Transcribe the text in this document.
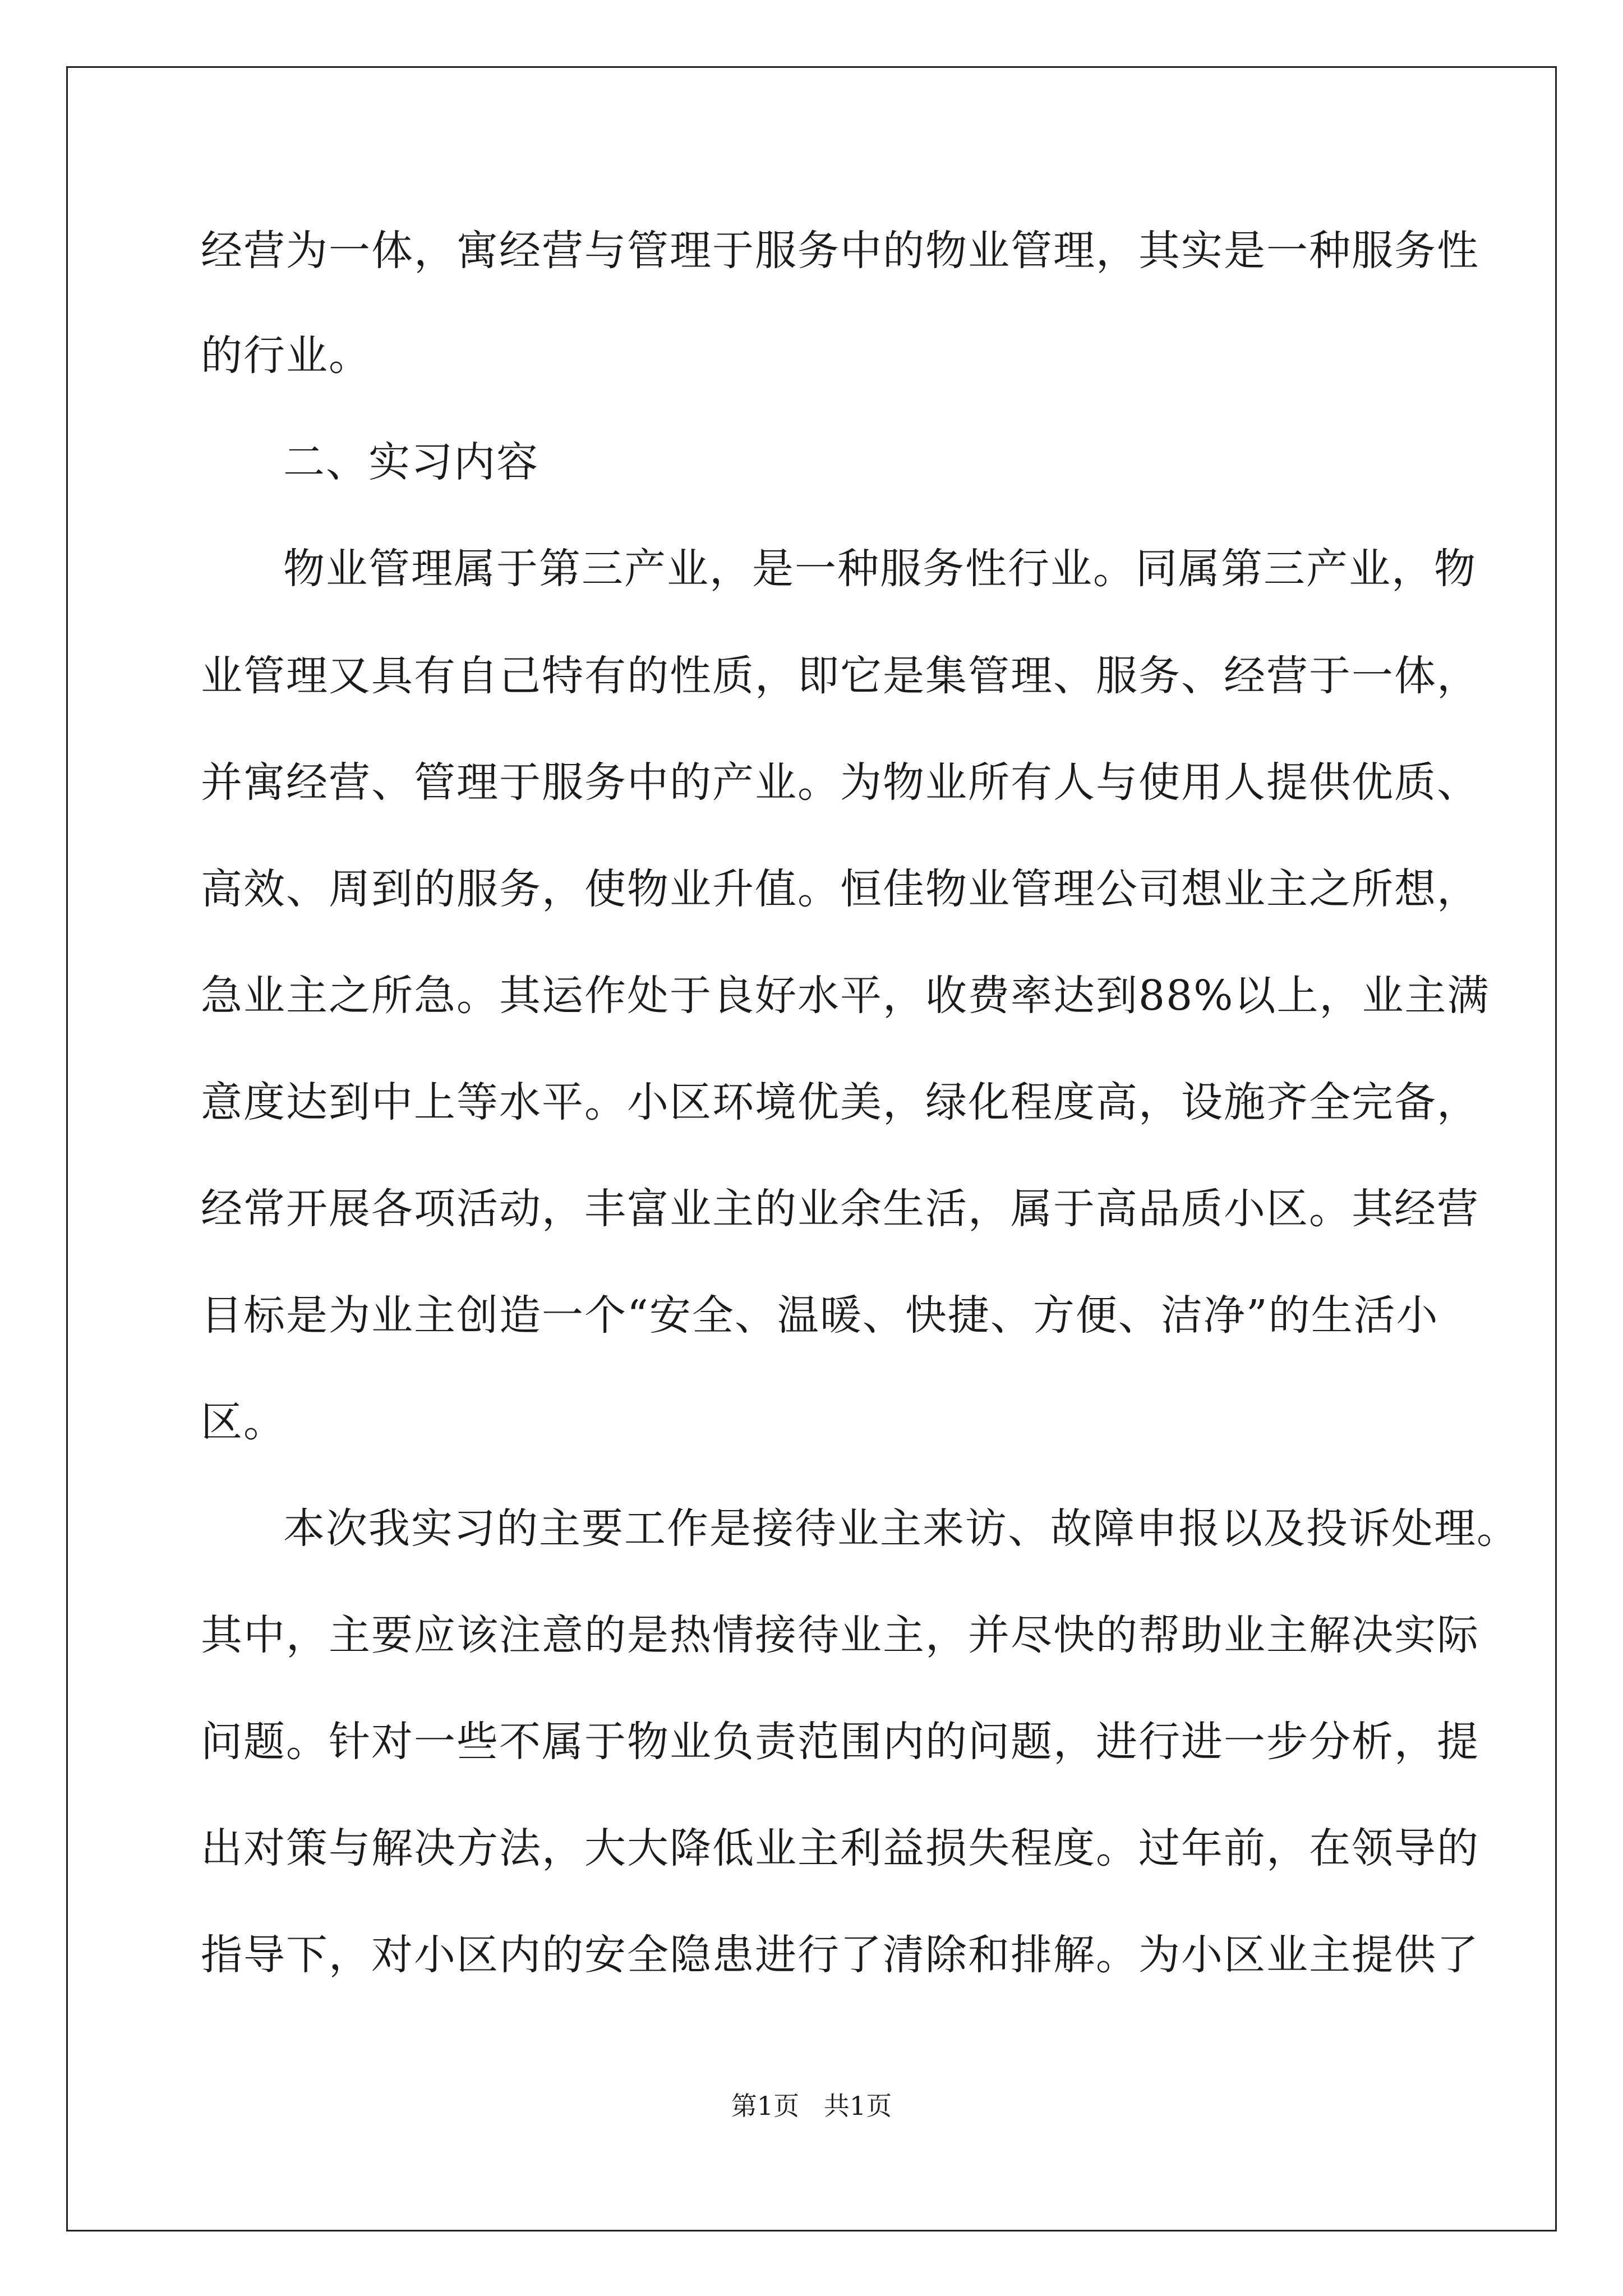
经营为一体，寓经营与管理于服务中的物业管理，其实是一种服务性
的行业。
二、实习内容
物业管理属于第三产业，是一种服务性行业。同属第三产业，物
业管理又具有自己特有的性质，即它是集管理、服务、经营于一体，
并寓经营、管理于服务中的产业。为物业所有人与使用人提供优质、
高效、周到的服务，使物业升值。恒佳物业管理公司想业主之所想，
急业主之所急。其运作处于良好水平，收费率达到88%以上，业主满
意度达到中上等水平。小区环境优美，绿化程度高，设施齐全完备，
经常开展各项活动，丰富业主的业余生活，属于高品质小区。其经营
目标是为业主创造一个“安全、温暖、快捷、方便、洁净”的生活小
区。
本次我实习的主要工作是接待业主来访、故障申报以及投诉处理。
其中，主要应该注意的是热情接待业主，并尽快的帮助业主解决实际
问题。针对一些不属于物业负责范围内的问题，进行进一步分析，提
出对策与解决方法，大大降低业主利益损失程度。过年前，在领导的
指导下，对小区内的安全隐患进行了清除和排解。为小区业主提供了
第1页   共1页
